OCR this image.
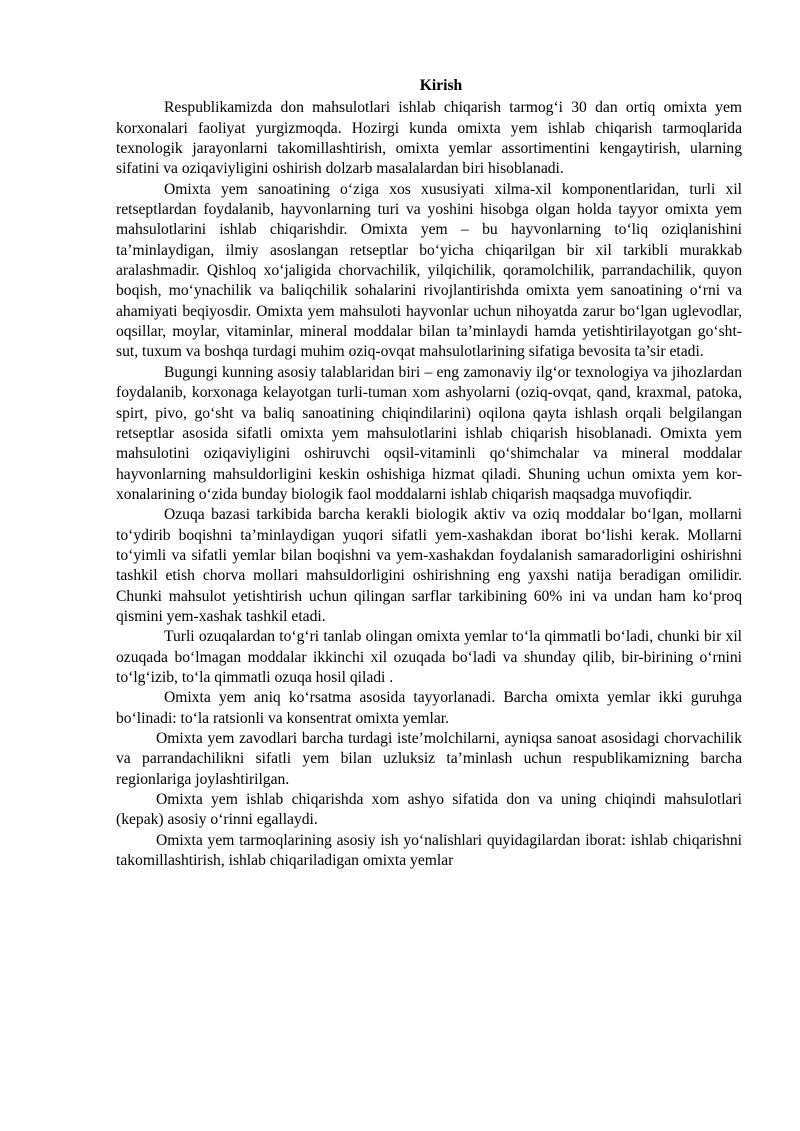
Kirish

Respublikamizda don mahsulotlari ishlab chiqarish tarmog‘i 30 dan ortiq omixta yem korxonalari faoliyat yurgizmoqda. Hozirgi kunda omixta yem ishlab chiqarish tarmoqlarida texnologik jarayonlarni takomillashtirish, omixta yemlar assortimentini kengaytirish, ularning sifatini va oziqaviyligini oshirish dolzarb masalalardan biri hisoblanadi.

Omixta yem sanoatining o‘ziga xos xususiyati xilma-xil komponentlaridan, turli xil retseptlardan foydalanib, hayvonlarning turi va yoshini hisobga olgan holda tayyor omixta yem mahsulotlarini ishlab chiqarishdir. Omixta yem – bu hayvonlarning to‘liq oziqlanishini ta’minlaydigan, ilmiy asoslangan retseptlar bo‘yicha chiqarilgan bir xil tarkibli murakkab aralashmadir. Qishloq xo‘jaligida chorvachilik, yilqichilik, qoramolchilik, parrandachilik, quyon boqish, mo‘ynachilik va baliqchilik sohalarini rivojlantirishda omixta yem sanoatining o‘rni va ahamiyati beqiyosdir. Omixta yem mahsuloti hayvonlar uchun nihoyatda zarur bo‘lgan uglevodlar, oqsillar, moylar, vitaminlar, mineral moddalar bilan ta’minlaydi hamda yetishtirilayotgan go‘sht-sut, tuxum va boshqa turdagi muhim oziq-ovqat mahsulotlarining sifatiga bevosita ta’sir etadi.

Bugungi kunning asosiy talablaridan biri – eng zamonaviy ilg‘or texnologiya va jihozlardan foydalanib, korxonaga kelayotgan turli-tuman xom ashyolarni (oziq-ovqat, qand, kraxmal, patoka, spirt, pivo, go‘sht va baliq sanoatining chiqindilarini) oqilona qayta ishlash orqali belgilangan retseptlar asosida sifatli omixta yem mahsulotlarini ishlab chiqarish hisoblanadi. Omixta yem mahsulotini oziqaviyligini oshiruvchi oqsil-vitaminli qo‘shimchalar va mineral moddalar hayvonlarning mahsuldorligini keskin oshishiga hizmat qiladi. Shuning uchun omixta yem korxonalarining o‘zida bunday biologik faol moddalarni ishlab chiqarish maqsadga muvofiqdir.

Ozuqa bazasi tarkibida barcha kerakli biologik aktiv va oziq moddalar bo‘lgan, mollarni to‘ydirib boqishni ta’minlaydigan yuqori sifatli yem-xashakdan iborat bo‘lishi kerak. Mollarni to‘yimli va sifatli yemlar bilan boqishni va yem-xashakdan foydalanish samaradorligini oshirishni tashkil etish chorva mollari mahsuldorligini oshirishning eng yaxshi natija beradigan omilidir. Chunki mahsulot yetishtirish uchun qilingan sarflar tarkibining 60% ini va undan ham ko‘proq qismini yem-xashak tashkil etadi.

Turli ozuqalardan to‘g‘ri tanlab olingan omixta yemlar to‘la qimmatli bo‘ladi, chunki bir xil ozuqada bo‘lmagan moddalar ikkinchi xil ozuqada bo‘ladi va shunday qilib, bir-birining o‘rnini to‘lg‘izib, to‘la qimmatli ozuqa hosil qiladi .

Omixta yem aniq ko‘rsatma asosida tayyorlanadi. Barcha omixta yemlar ikki guruhga bo‘linadi: to‘la ratsionli va konsentrat omixta yemlar.

Omixta yem zavodlari barcha turdagi iste’molchilarni, ayniqsa sanoat asosidagi chorvachilik va parrandachilikni sifatli yem bilan uzluksiz ta’minlash uchun respublikamizning barcha regionlariga joylashtirilgan.

Omixta yem ishlab chiqarishda xom ashyo sifatida don va uning chiqindi mahsulotlari (kepak) asosiy o‘rinni egallaydi.

Omixta yem tarmoqlarining asosiy ish yo‘nalishlari quyidagilardan iborat: ishlab chiqarishni takomillashtirish, ishlab chiqariladigan omixta yemlar
